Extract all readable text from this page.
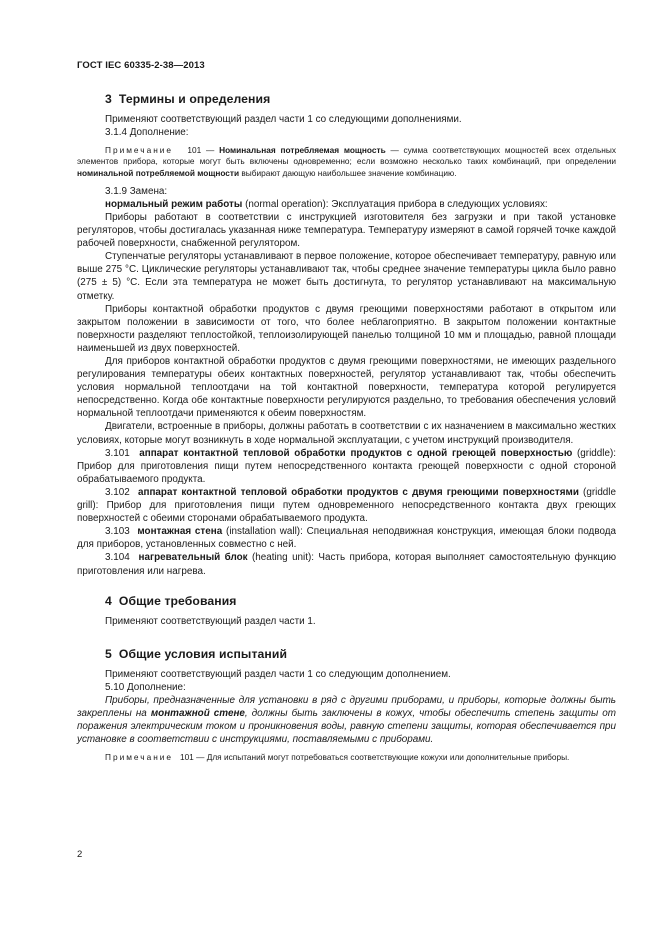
ГОСТ IEC 60335-2-38—2013
3 Термины и определения

Применяют соответствующий раздел части 1 со следующими дополнениями.

3.1.4 Дополнение:

Примечание 101 — Номинальная потребляемая мощность — сумма соответствующих мощностей всех отдельных элементов прибора, которые могут быть включены одновременно; если возможно несколько таких комбинаций, при определении номинальной потребляемой мощности выбирают дающую наибольшее значение комбинацию.

3.1.9 Замена:

нормальный режим работы (normal operation): Эксплуатация прибора в следующих условиях:

Приборы работают в соответствии с инструкцией изготовителя без загрузки и при такой установке регуляторов, чтобы достигалась указанная ниже температура. Температуру измеряют в самой горячей точке каждой рабочей поверхности, снабженной регулятором.

Ступенчатые регуляторы устанавливают в первое положение, которое обеспечивает температуру, равную или выше 275 °С. Циклические регуляторы устанавливают так, чтобы среднее значение температуры цикла было равно (275 ± 5) °С. Если эта температура не может быть достигнута, то регулятор устанавливают на максимальную отметку.

Приборы контактной обработки продуктов с двумя греющими поверхностями работают в открытом или закрытом положении в зависимости от того, что более неблагоприятно. В закрытом положении контактные поверхности разделяют теплостойкой, теплоизолирующей панелью толщиной 10 мм и площадью, равной площади наименьшей из двух поверхностей.

Для приборов контактной обработки продуктов с двумя греющими поверхностями, не имеющих раздельного регулирования температуры обеих контактных поверхностей, регулятор устанавливают так, чтобы обеспечить условия нормальной теплоотдачи на той контактной поверхности, температура которой регулируется непосредственно. Когда обе контактные поверхности регулируются раздельно, то требования обеспечения условий нормальной теплоотдачи применяются к обеим поверхностям.

Двигатели, встроенные в приборы, должны работать в соответствии с их назначением в максимально жестких условиях, которые могут возникнуть в ходе нормальной эксплуатации, с учетом инструкций производителя.

3.101 аппарат контактной тепловой обработки продуктов с одной греющей поверхностью (griddle): Прибор для приготовления пищи путем непосредственного контакта греющей поверхности с одной стороной обрабатываемого продукта.

3.102 аппарат контактной тепловой обработки продуктов с двумя греющими поверхностями (griddle grill): Прибор для приготовления пищи путем одновременного непосредственного контакта двух греющих поверхностей с обеими сторонами обрабатываемого продукта.

3.103 монтажная стена (installation wall): Специальная неподвижная конструкция, имеющая блоки подвода для приборов, установленных совместно с ней.

3.104 нагревательный блок (heating unit): Часть прибора, которая выполняет самостоятельную функцию приготовления или нагрева.

4 Общие требования

Применяют соответствующий раздел части 1.

5 Общие условия испытаний

Применяют соответствующий раздел части 1 со следующим дополнением.

5.10 Дополнение:

Приборы, предназначенные для установки в ряд с другими приборами, и приборы, которые должны быть закреплены на монтажной стене, должны быть заключены в кожух, чтобы обеспечить степень защиты от поражения электрическим током и проникновения воды, равную степени защиты, которая обеспечивается при установке в соответствии с инструкциями, поставляемыми с приборами.

Примечание 101 — Для испытаний могут потребоваться соответствующие кожухи или дополнительные приборы.

2
